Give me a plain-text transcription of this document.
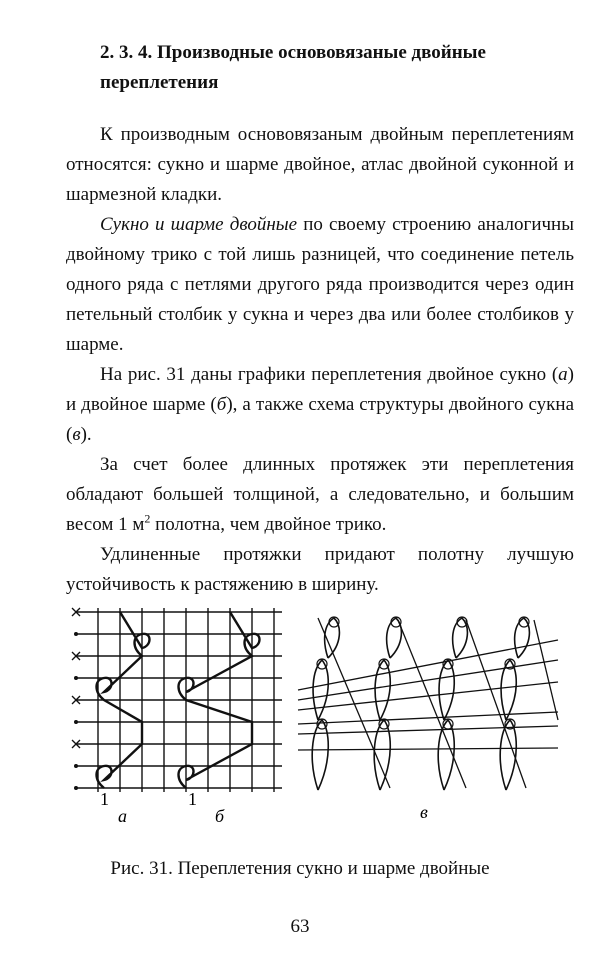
2. 3. 4. Производные основовязаные двойные
переплетения

К производным основовязаным двойным переплетениям относятся: сукно и шарме двойное, атлас двойной суконной и шармезной кладки.

Сукно и шарме двойные по своему строению аналогичны двойному трико с той лишь разницей, что соединение петель одного ряда с петлями другого ряда производится через один петельный столбик у сукна и через два или более столбиков у шарме.

На рис. 31 даны графики переплетения двойное сукно (а) и двойное шарме (б), а также схема структуры двойного сукна (в).

За счет более длинных протяжек эти переплетения обладают большей толщиной, а следовательно, и большим весом 1 $м^2$ полотна, чем двойное трико.

Удлиненные протяжки придают полотну лучшую устойчивость к растяжению в ширину.

1	1
а	б	в
Рис. 31. Переплетения сукно и шарме двойные
63
